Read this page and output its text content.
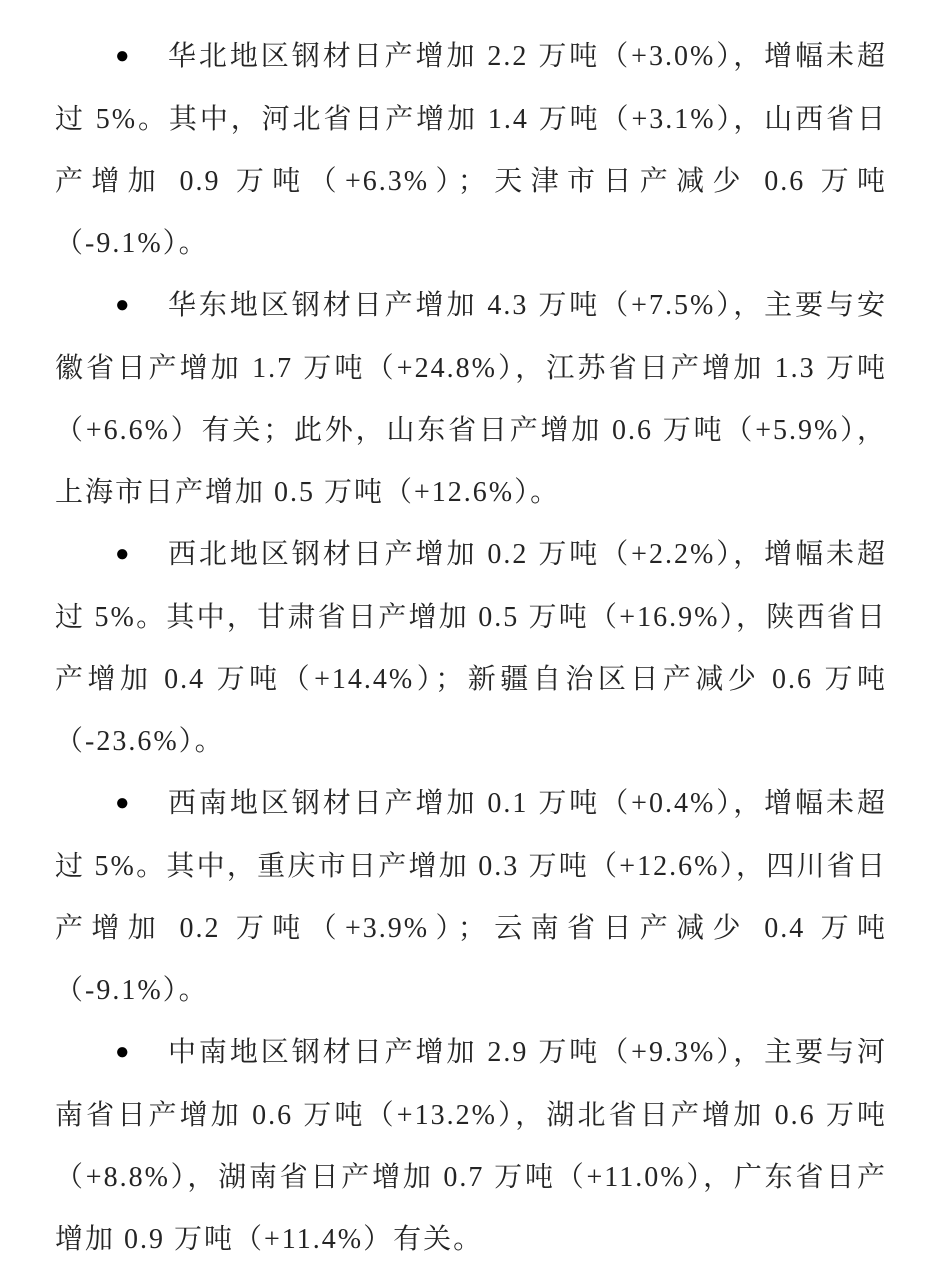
● 华北地区钢材日产增加 2.2 万吨（+3.0%），增幅未超过 5%。其中，河北省日产增加 1.4 万吨（+3.1%），山西省日产增加 0.9 万吨（+6.3%）；天津市日产减少 0.6 万吨（-9.1%）。

● 华东地区钢材日产增加 4.3 万吨（+7.5%），主要与安徽省日产增加 1.7 万吨（+24.8%），江苏省日产增加 1.3 万吨（+6.6%）有关；此外，山东省日产增加 0.6 万吨（+5.9%），上海市日产增加 0.5 万吨（+12.6%）。

● 西北地区钢材日产增加 0.2 万吨（+2.2%），增幅未超过 5%。其中，甘肃省日产增加 0.5 万吨（+16.9%），陕西省日产增加 0.4 万吨（+14.4%）；新疆自治区日产减少 0.6 万吨（-23.6%）。

● 西南地区钢材日产增加 0.1 万吨（+0.4%），增幅未超过 5%。其中，重庆市日产增加 0.3 万吨（+12.6%），四川省日产增加 0.2 万吨（+3.9%）；云南省日产减少 0.4 万吨（-9.1%）。

● 中南地区钢材日产增加 2.9 万吨（+9.3%），主要与河南省日产增加 0.6 万吨（+13.2%），湖北省日产增加 0.6 万吨（+8.8%），湖南省日产增加 0.7 万吨（+11.0%），广东省日产增加 0.9 万吨（+11.4%）有关。
